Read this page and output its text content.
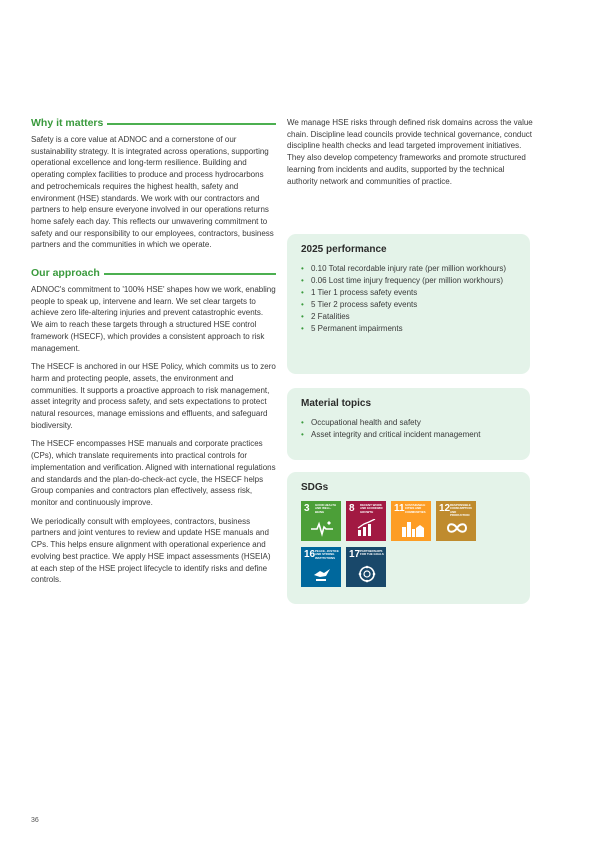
Why it matters

Safety is a core value at ADNOC and a cornerstone of our sustainability strategy. It is integrated across operations, supporting operational excellence and long-term resilience. Building and operating complex facilities to produce and process hydrocarbons and petrochemicals requires the highest health, safety and environment (HSE) standards. We work with our contractors and partners to help ensure everyone involved in our operations returns home safely each day. This reflects our unwavering commitment to safety and our responsibility to our employees, contractors, business partners and the communities in which we operate.

Our approach

ADNOC's commitment to '100% HSE' shapes how we work, enabling people to speak up, intervene and learn. We set clear targets to achieve zero life-altering injuries and prevent catastrophic events. We aim to reach these targets through a structured HSE control framework (HSECF), which provides a consistent approach to risk management.

The HSECF is anchored in our HSE Policy, which commits us to zero harm and protecting people, assets, the environment and communities. It supports a proactive approach to risk management, asset integrity and process safety, and sets expectations to protect natural resources, manage emissions and effluents, and safeguard biodiversity.

The HSECF encompasses HSE manuals and corporate practices (CPs), which translate requirements into practical controls for implementation and verification. Aligned with international regulations and standards and the plan-do-check-act cycle, the HSECF helps Group companies and contractors plan effectively, assess risk, monitor and continuously improve.

We periodically consult with employees, contractors, business partners and joint ventures to review and update HSE manuals and CPs. This helps ensure alignment with operational experience and evolving best practice. We apply HSE impact assessments (HSEIA) at each step of the HSE project lifecycle to identify risks and define controls.

We manage HSE risks through defined risk domains across the value chain. Discipline lead councils provide technical governance, conduct discipline health checks and lead targeted improvement initiatives. They also develop competency frameworks and promote structured learning from incidents and audits, supported by the technical authority network and communities of practice.

2025 performance
• 0.10 Total recordable injury rate (per million workhours)
• 0.06 Lost time injury frequency (per million workhours)
• 1 Tier 1 process safety events
• 5 Tier 2 process safety events
• 2 Fatalities
• 5 Permanent impairments
Material topics
• Occupational health and safety
• Asset integrity and critical incident management
SDGs
3 GOOD HEALTH AND WELL-BEING	8 DECENT WORK AND ECONOMIC GROWTH	11 SUSTAINABLE CITIES AND COMMUNITIES	12 RESPONSIBLE CONSUMPTION AND PRODUCTION
16 PEACE, JUSTICE AND STRONG INSTITUTIONS	17 PARTNERSHIPS FOR THE GOALS
36
